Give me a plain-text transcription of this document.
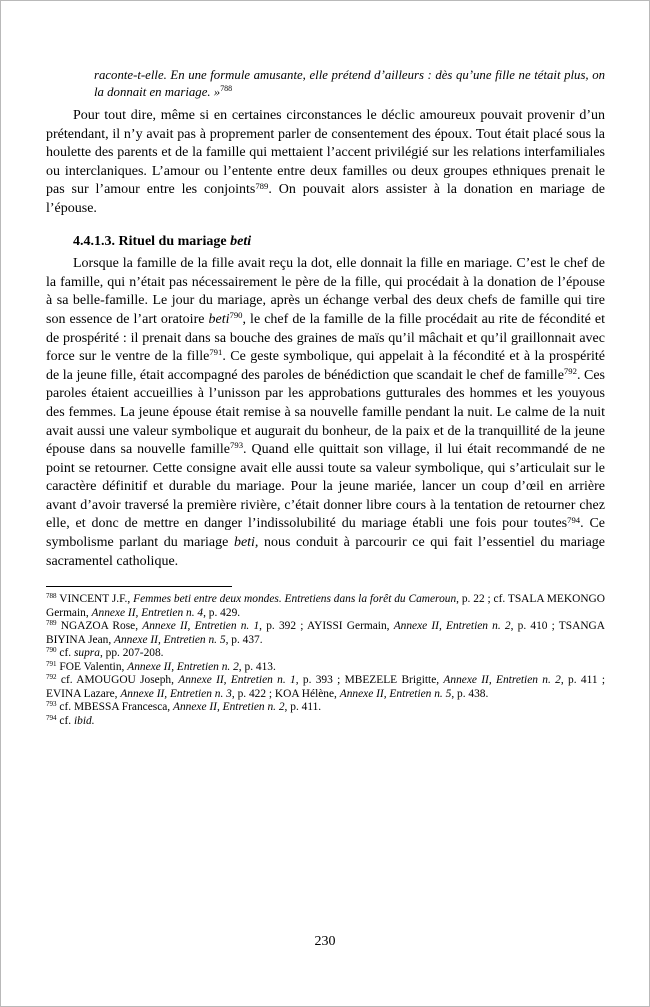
raconte-t-elle. En une formule amusante, elle prétend d’ailleurs : dès qu’une fille ne tétait plus, on la donnait en mariage. »$^{788}$

Pour tout dire, même si en certaines circonstances le déclic amoureux pouvait provenir d’un prétendant, il n’y avait pas à proprement parler de consentement des époux. Tout était placé sous la houlette des parents et de la famille qui mettaient l’accent privilégié sur les relations interfamiliales ou interclaniques. L’amour ou l’entente entre deux familles ou deux groupes ethniques prenait le pas sur l’amour entre les conjoints$^{789}$. On pouvait alors assister à la donation en mariage de l’épouse.

4.4.1.3. Rituel du mariage beti

Lorsque la famille de la fille avait reçu la dot, elle donnait la fille en mariage. C’est le chef de la famille, qui n’était pas nécessairement le père de la fille, qui procédait à la donation de l’épouse à sa belle-famille. Le jour du mariage, après un échange verbal des deux chefs de famille qui tire son essence de l’art oratoire beti$^{790}$, le chef de la famille de la fille procédait au rite de fécondité et de prospérité : il prenait dans sa bouche des graines de maïs qu’il mâchait et qu’il graillonnait avec force sur le ventre de la fille$^{791}$. Ce geste symbolique, qui appelait à la fécondité et à la prospérité de la jeune fille, était accompagné des paroles de bénédiction que scandait le chef de famille$^{792}$. Ces paroles étaient accueillies à l’unisson par les approbations gutturales des hommes et les youyous des femmes. La jeune épouse était remise à sa nouvelle famille pendant la nuit. Le calme de la nuit avait aussi une valeur symbolique et augurait du bonheur, de la paix et de la tranquillité de la jeune épouse dans sa nouvelle famille$^{793}$. Quand elle quittait son village, il lui était recommandé de ne point se retourner. Cette consigne avait elle aussi toute sa valeur symbolique, qui s’articulait sur le caractère définitif et durable du mariage. Pour la jeune mariée, lancer un coup d’œil en arrière avant d’avoir traversé la première rivière, c’était donner libre cours à la tentation de retourner chez elle, et donc de mettre en danger l’indissolubilité du mariage établi une fois pour toutes$^{794}$. Ce symbolisme parlant du mariage beti, nous conduit à parcourir ce qui fait l’essentiel du mariage sacramentel catholique.

$^{788}$ VINCENT J.F., Femmes beti entre deux mondes. Entretiens dans la forêt du Cameroun, p. 22 ; cf. TSALA MEKONGO Germain, Annexe II, Entretien n. 4, p. 429.

$^{789}$ NGAZOA Rose, Annexe II, Entretien n. 1, p. 392 ; AYISSI Germain, Annexe II, Entretien n. 2, p. 410 ; TSANGA BIYINA Jean, Annexe II, Entretien n. 5, p. 437.

$^{790}$ cf. supra, pp. 207-208.

$^{791}$ FOE Valentin, Annexe II, Entretien n. 2, p. 413.

$^{792}$ cf. AMOUGOU Joseph, Annexe II, Entretien n. 1, p. 393 ; MBEZELE Brigitte, Annexe II, Entretien n. 2, p. 411 ; EVINA Lazare, Annexe II, Entretien n. 3, p. 422 ; KOA Hélène, Annexe II, Entretien n. 5, p. 438.

$^{793}$ cf. MBESSA Francesca, Annexe II, Entretien n. 2, p. 411.

$^{794}$ cf. ibid.

230
